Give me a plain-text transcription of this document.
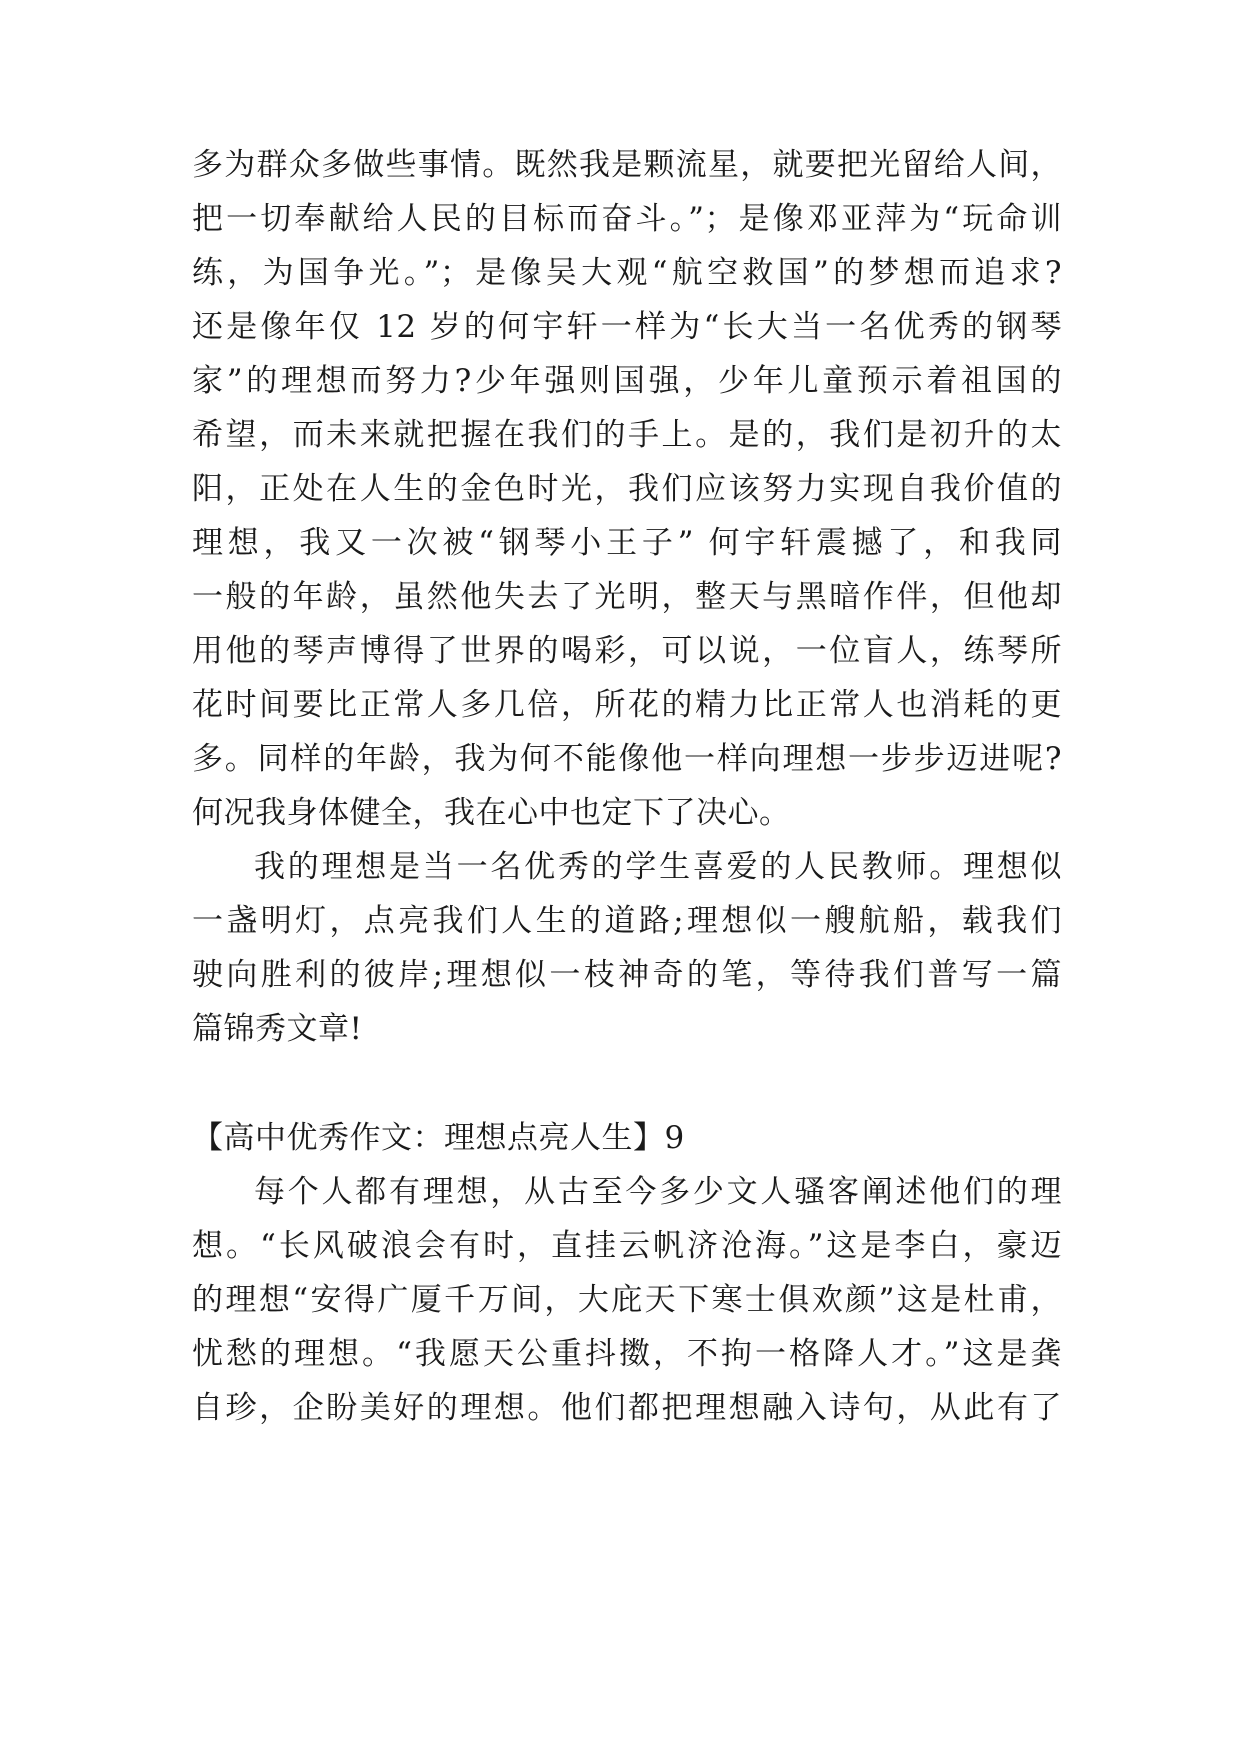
多为群众多做些事情。既然我是颗流星，就要把光留给人间，
把一切奉献给人民的目标而奋斗。”；是像邓亚萍为“玩命训
练，为国争光。”；是像吴大观“航空救国”的梦想而追求?
还是像年仅 12 岁的何宇轩一样为“长大当一名优秀的钢琴
家”的理想而努力?少年强则国强，少年儿童预示着祖国的
希望，而未来就把握在我们的手上。是的，我们是初升的太
阳，正处在人生的金色时光，我们应该努力实现自我价值的
理想，我又一次被“钢琴小王子” 何宇轩震撼了，和我同
一般的年龄，虽然他失去了光明，整天与黑暗作伴，但他却
用他的琴声博得了世界的喝彩，可以说，一位盲人，练琴所
花时间要比正常人多几倍，所花的精力比正常人也消耗的更
多。同样的年龄，我为何不能像他一样向理想一步步迈进呢?
何况我身体健全，我在心中也定下了决心。
我的理想是当一名优秀的学生喜爱的人民教师。理想似
一盏明灯，点亮我们人生的道路;理想似一艘航船，载我们
驶向胜利的彼岸;理想似一枝神奇的笔，等待我们普写一篇
篇锦秀文章!
【高中优秀作文：理想点亮人生】9
每个人都有理想，从古至今多少文人骚客阐述他们的理
想。“长风破浪会有时，直挂云帆济沧海。”这是李白，豪迈
的理想“安得广厦千万间，大庇天下寒士俱欢颜”这是杜甫，
忧愁的理想。“我愿天公重抖擞，不拘一格降人才。”这是龚
自珍，企盼美好的理想。他们都把理想融入诗句，从此有了
